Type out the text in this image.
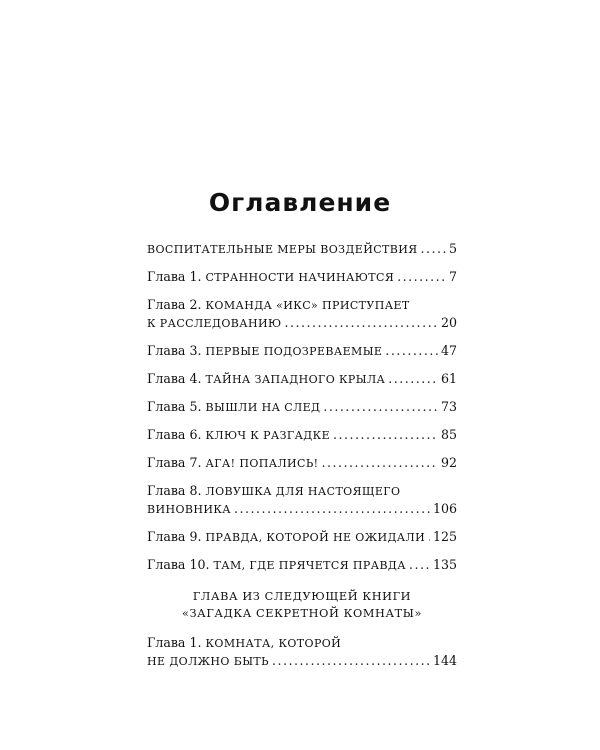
Оглавление
ВОСПИТАТЕЛЬНЫЕ МЕРЫ ВОЗДЕЙСТВИЯ ..... 5
Глава 1. СТРАННОСТИ НАЧИНАЮТСЯ .....	7
Глава 2. КОМАНДА «ИКС» ПРИСТУПАЕТ
К РАССЛЕДОВАНИЮ .....	20
Глава 3. ПЕРВЫЕ ПОДОЗРЕВАЕМЫЕ .....	47
Глава 4. ТАЙНА ЗАПАДНОГО КРЫЛА .....	61
Глава 5. ВЫШЛИ НА СЛЕД .....	73
Глава 6. КЛЮЧ К РАЗГАДКЕ .....	85
Глава 7. АГА! ПОПАЛИСЬ! .....	92
Глава 8. ЛОВУШКА ДЛЯ НАСТОЯЩЕГО
ВИНОВНИКА .....	106
Глава 9. ПРАВДА, КОТОРОЙ НЕ ОЖИДАЛИ ..... 125
Глава 10. ТАМ, ГДЕ ПРЯЧЕТСЯ ПРАВДА ..... 135
ГЛАВА ИЗ СЛЕДУЮЩЕЙ КНИГИ
«ЗАГАДКА СЕКРЕТНОЙ КОМНАТЫ»
Глава 1. КОМНАТА, КОТОРОЙ
НЕ ДОЛЖНО БЫТЬ .....	144
